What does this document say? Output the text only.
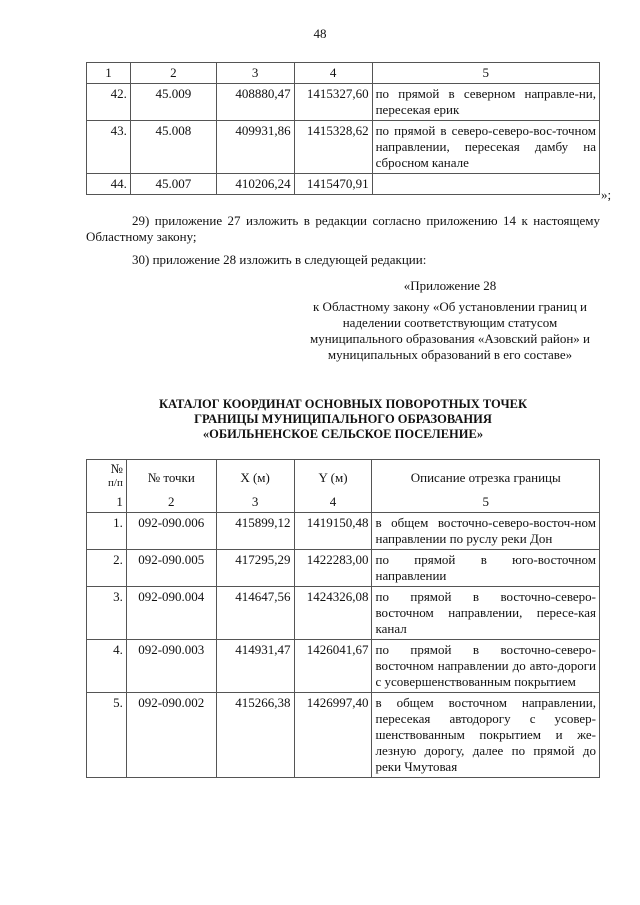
48
1	2	3	4	5
42.	45.009	408880,47	1415327,60	по прямой в северном направле-ни, пересекая ерик
43.	45.008	409931,86	1415328,62	по прямой в северо-северо-вос-точном направлении, пересекая дамбу на сбросном канале
44.	45.007	410206,24	1415470,91	
»;
29) приложение 27 изложить в редакции согласно приложению 14 к настоящему Областному закону;
30) приложение 28 изложить в следующей редакции:
«Приложение 28
к Областному закону «Об установлении границ и наделении соответствующим статусом муниципального образования «Азовский район» и муниципальных образований в его составе»
КАТАЛОГ КООРДИНАТ ОСНОВНЫХ ПОВОРОТНЫХ ТОЧЕК
ГРАНИЦЫ МУНИЦИПАЛЬНОГО ОБРАЗОВАНИЯ
«ОБИЛЬНЕНСКОЕ СЕЛЬСКОЕ ПОСЕЛЕНИЕ»
№
п/п	№ точки	X (м)	Y (м)	Описание отрезка границы
1	2	3	4	5
1.	092-090.006	415899,12	1419150,48	в общем восточно-северо-восточ-ном направлении по руслу реки Дон
2.	092-090.005	417295,29	1422283,00	по прямой в юго-восточном направлении
3.	092-090.004	414647,56	1424326,08	по прямой в восточно-северо-восточном направлении, пересе-кая канал
4.	092-090.003	414931,47	1426041,67	по прямой в восточно-северо-восточном направлении до авто-дороги с усовершенствованным покрытием
5.	092-090.002	415266,38	1426997,40	в общем восточном направлении, пересекая автодорогу с усовер-шенствованным покрытием и же-лезную дорогу, далее по прямой до реки Чмутовая
